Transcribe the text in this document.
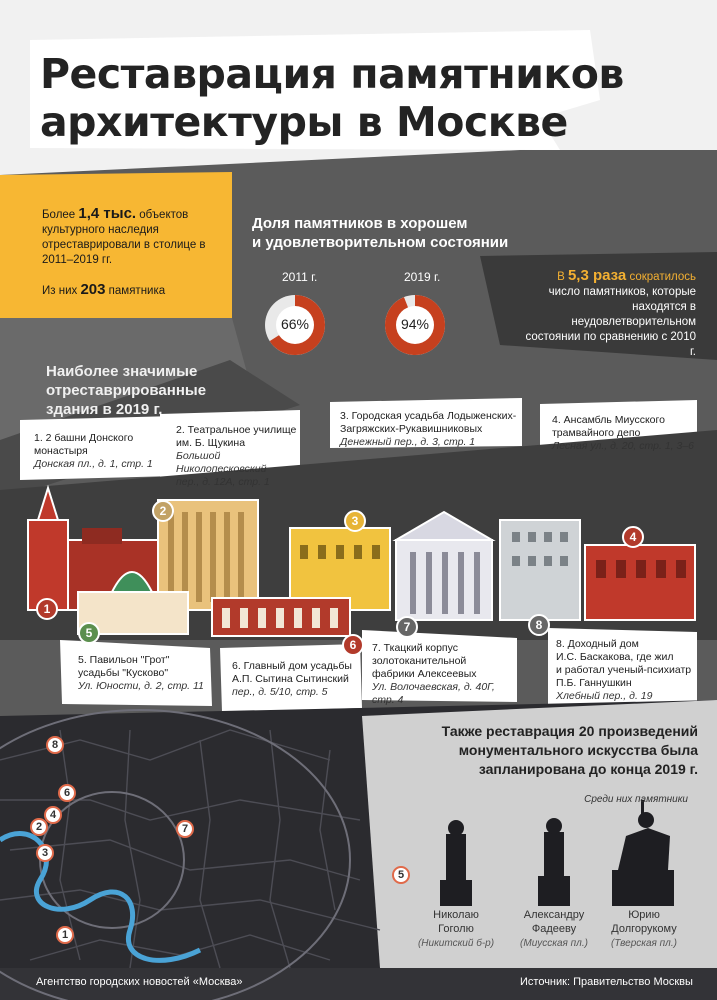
Реставрация памятников
архитектуры в Москве

Более 1,4 тыс. объектов культурного наследия отреставрировали в столице в 2011–2019 гг.

Из них 203 памятника

Доля памятников в хорошем
и удовлетворительном состоянии
2011 г.	2019 г.
66%	94%
В 5,3 раза сократилось
число памятников, которые
находятся в неудовлетворительном
состоянии по сравнению с 2010 г.
Наиболее значимые
отреставрированные
здания в 2019 г.
1. 2 башни Донского
монастыря
Донская пл., д. 1, стр. 1
2. Театральное училище
им. Б. Щукина
Большой Николопесковский
пер., д. 12А, стр. 1
3. Городская усадьба Лодыженских-
Загряжских-Рукавишниковых
Денежный пер., д. 3, стр. 1
4. Ансамбль Миусского
трамвайного депо
Лесная ул., д. 20, стр. 1, 3–6
5. Павильон "Грот"
усадьбы "Кусково"
Ул. Юности, д. 2, стр. 11
6. Главный дом усадьбы
А.П. Сытина Сытинский
пер., д. 5/10, стр. 5
7. Ткацкий корпус
золотоканительной
фабрики Алексеевых
Ул. Волочаевская, д. 40Г, стр. 4
8. Доходный дом
И.С. Баскакова, где жил
и работал ученый-психиатр
П.Б. Ганнушкин
Хлебный пер., д. 19
1
2
3
4
5
6
7	8
8
6
4
2
3
7
5
1
Также реставрация 20 произведений
монументального искусства была
запланирована до конца 2019 г.
Среди них памятники
Николаю
Гоголю
(Никитский б-р)
Александру
Фадееву
(Миусская пл.)
Юрию
Долгорукому
(Тверская пл.)
Агентство городских новостей «Москва»	Источник: Правительство Москвы
